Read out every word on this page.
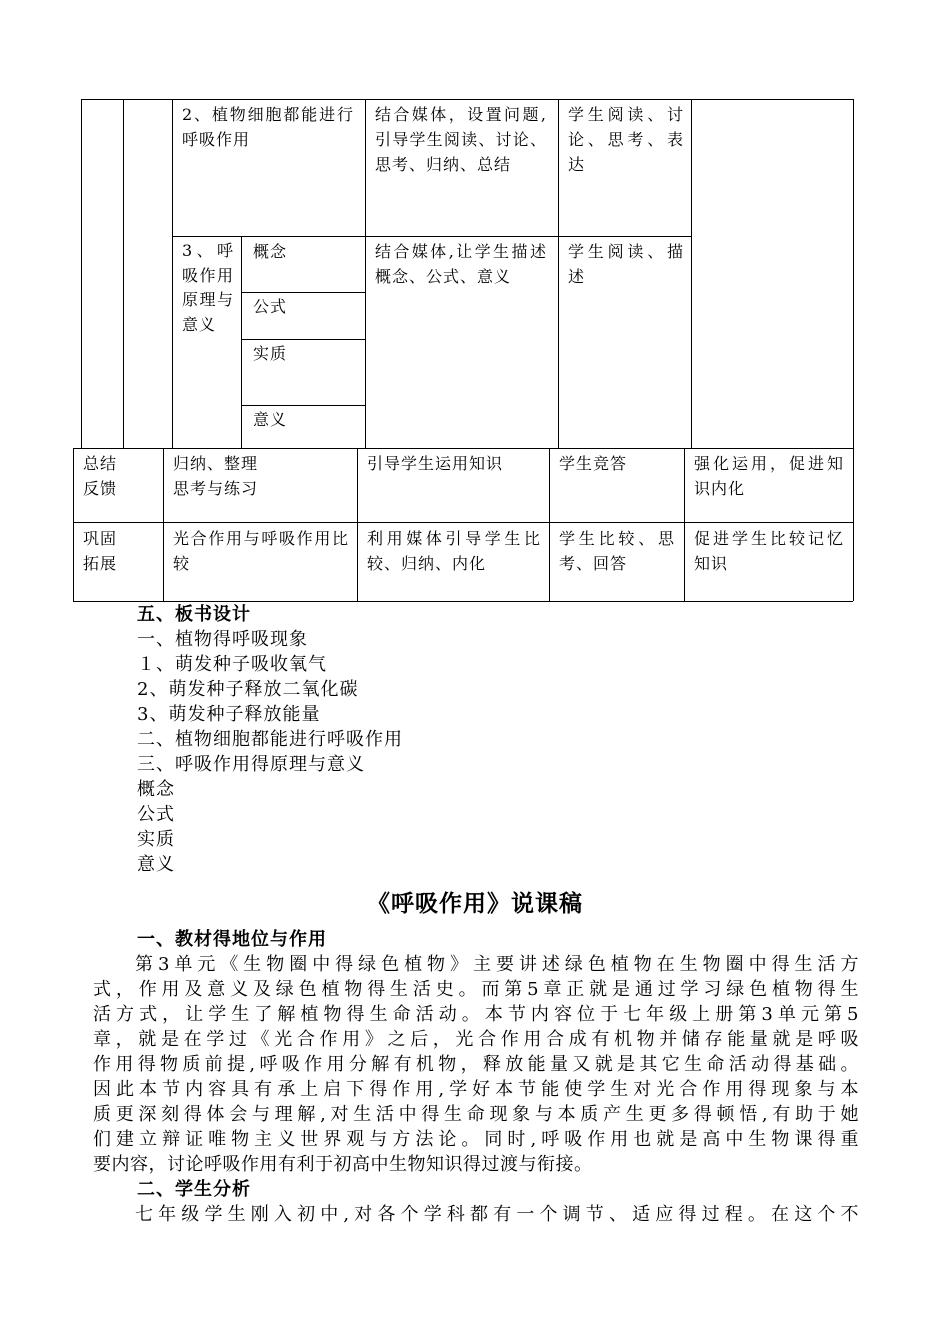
2、植物细胞都能进行呼吸作用
结合媒体，设置问题,引导学生阅读、讨论、思考、归纳、总结
学生阅读、讨论、思考、表达
3、呼吸作用原理与意义
概念
公式
实质
意义
结合媒体,让学生描述概念、公式、意义
学生阅读、描述
总结反馈
归纳、整理思考与练习
引导学生运用知识	学生竞答	强化运用，促进知识内化
巩固拓展
光合作用与呼吸作用比较
利用媒体引导学生比较、归纳、内化
学生比较、思考、回答
促进学生比较记忆知识
五、板书设计
一、植物得呼吸现象
１、萌发种子吸收氧气
2、萌发种子释放二氧化碳
3、萌发种子释放能量
二、植物细胞都能进行呼吸作用
三、呼吸作用得原理与意义
概念
公式
实质
意义
《呼吸作用》说课稿
一、教材得地位与作用
第3单元《生物圈中得绿色植物》主要讲述绿色植物在生物圈中得生活方
式，作用及意义及绿色植物得生活史。而第5章正就是通过学习绿色植物得生
活方式，让学生了解植物得生命活动。本节内容位于七年级上册第3单元第5
章，就是在学过《光合作用》之后，光合作用合成有机物并储存能量就是呼吸
作用得物质前提,呼吸作用分解有机物，释放能量又就是其它生命活动得基础。
因此本节内容具有承上启下得作用,学好本节能使学生对光合作用得现象与本
质更深刻得体会与理解,对生活中得生命现象与本质产生更多得顿悟,有助于她
们建立辩证唯物主义世界观与方法论。同时,呼吸作用也就是高中生物课得重
要内容，讨论呼吸作用有利于初高中生物知识得过渡与衔接。
二、学生分析
七年级学生刚入初中,对各个学科都有一个调节、适应得过程。在这个不
